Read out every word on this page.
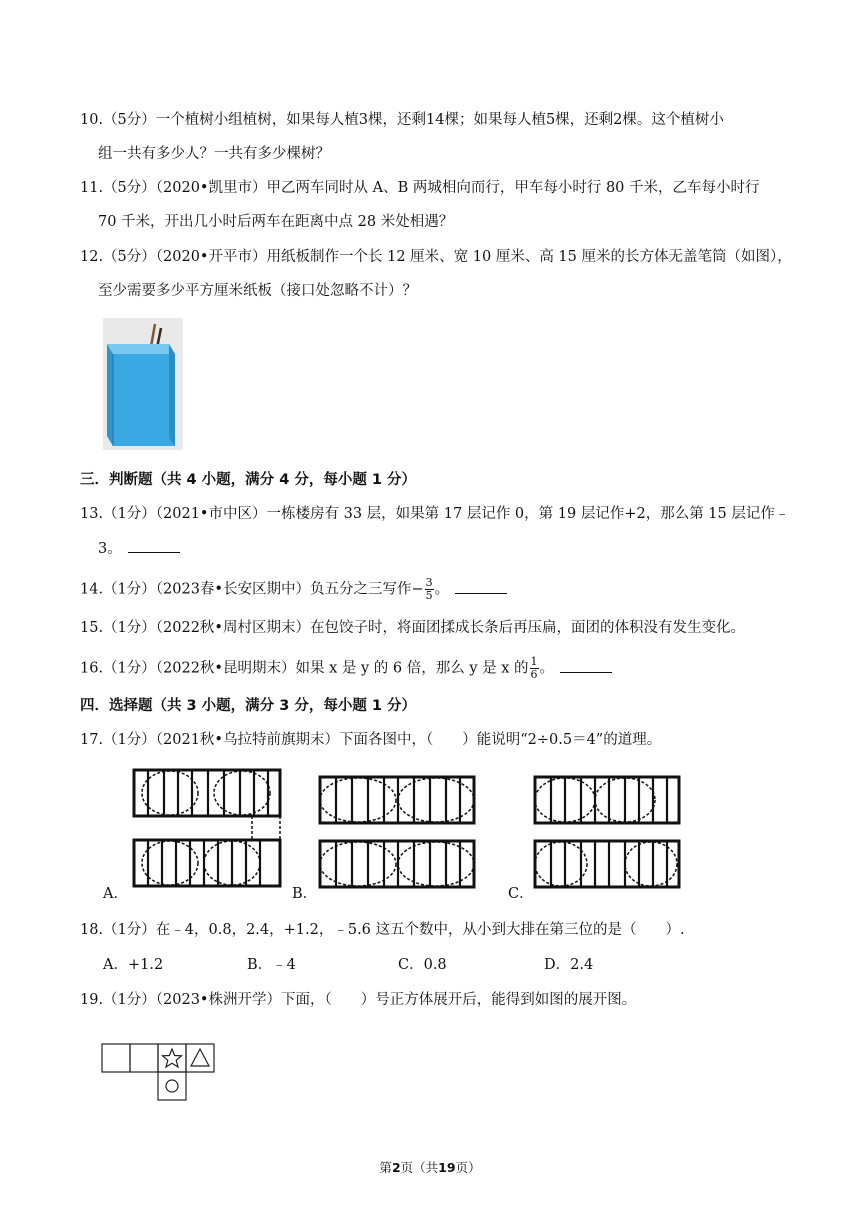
10.（5分）一个植树小组植树，如果每人植3棵，还剩14棵；如果每人植5棵，还剩2棵。这个植树小
组一共有多少人？一共有多少棵树？
11.（5分）（2020•凯里市）甲乙两车同时从 A、B 两城相向而行，甲车每小时行 80 千米，乙车每小时行
70 千米，开出几小时后两车在距离中点 28 米处相遇？
12.（5分）（2020•开平市）用纸板制作一个长 12 厘米、宽 10 厘米、高 15 厘米的长方体无盖笔筒（如图），
至少需要多少平方厘米纸板（接口处忽略不计）？
三．判断题（共 4 小题，满分 4 分，每小题 1 分）
13.（1分）（2021•市中区）一栋楼房有 33 层，如果第 17 层记作 0，第 19 层记作+2，那么第 15 层记作﹣
3。
14.（1分）（2023春•长安区期中）负五分之三写作− $\frac{3}{5}$ 。
15.（1分）（2022秋•周村区期末）在包饺子时，将面团揉成长条后再压扁，面团的体积没有发生变化。
16.（1分）（2022秋•昆明期末）如果 x 是 y 的 6 倍，那么 y 是 x 的 $\frac{1}{6}$ 。
四．选择题（共 3 小题，满分 3 分，每小题 1 分）
17.（1分）（2021秋•乌拉特前旗期末）下面各图中，（　　）能说明“2÷0.5＝4”的道理。
A．	B．	C．
18.（1分）在﹣4，0.8，2.4，+1.2，﹣5.6 这五个数中，从小到大排在第三位的是（　　）.
A．+1.2	B．﹣4	C．0.8	D．2.4
19.（1分）（2023•株洲开学）下面，（　　）号正方体展开后，能得到如图的展开图。
第2页（共19页）
